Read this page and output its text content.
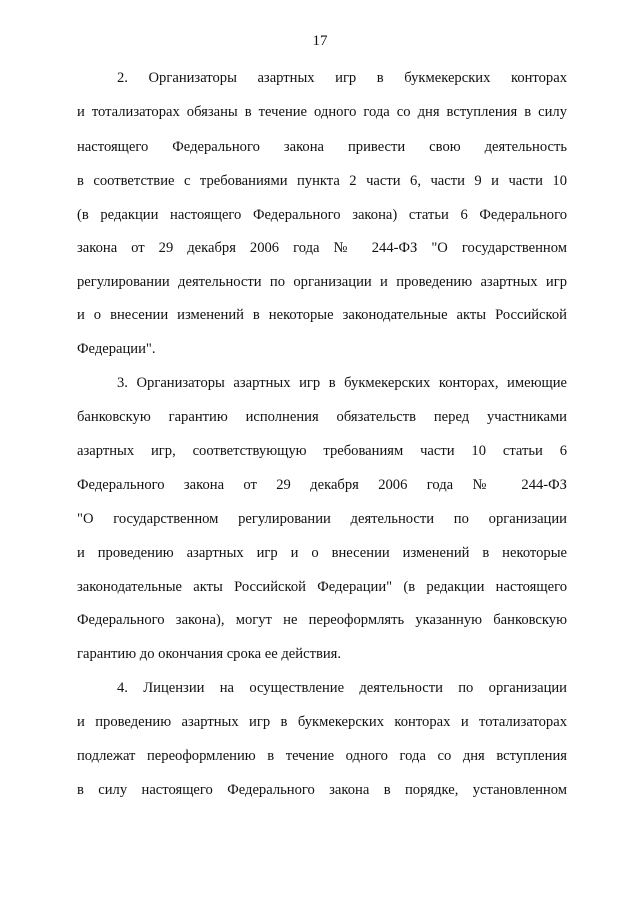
17
2. Организаторы азартных игр в букмекерских конторах
и тотализаторах обязаны в течение одного года со дня вступления в силу
настоящего Федерального закона привести свою деятельность
в соответствие с требованиями пункта 2 части 6, части 9 и части 10
(в редакции настоящего Федерального закона) статьи 6 Федерального
закона от 29 декабря 2006 года № 244-ФЗ "О государственном
регулировании деятельности по организации и проведению азартных игр
и о внесении изменений в некоторые законодательные акты Российской
Федерации".
3. Организаторы азартных игр в букмекерских конторах, имеющие
банковскую гарантию исполнения обязательств перед участниками
азартных игр, соответствующую требованиям части 10 статьи 6
Федерального закона от 29 декабря 2006 года № 244-ФЗ
"О государственном регулировании деятельности по организации
и проведению азартных игр и о внесении изменений в некоторые
законодательные акты Российской Федерации" (в редакции настоящего
Федерального закона), могут не переоформлять указанную банковскую
гарантию до окончания срока ее действия.
4. Лицензии на осуществление деятельности по организации
и проведению азартных игр в букмекерских конторах и тотализаторах
подлежат переоформлению в течение одного года со дня вступления
в силу настоящего Федерального закона в порядке, установленном
